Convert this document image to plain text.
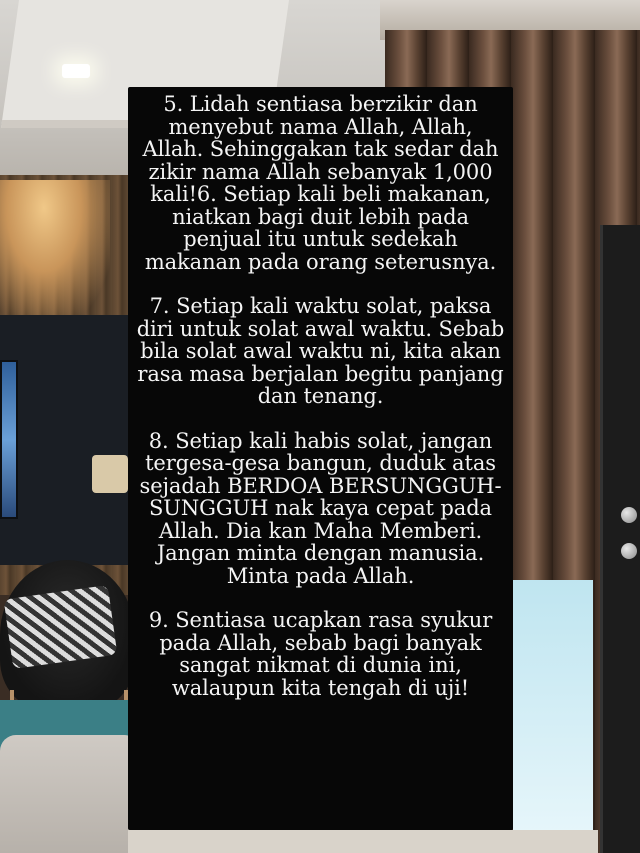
5. Lidah sentiasa berzikir dan menyebut nama Allah, Allah, Allah. Sehinggakan tak sedar dah zikir nama Allah sebanyak 1,000 kali!6. Setiap kali beli makanan, niatkan bagi duit lebih pada penjual itu untuk sedekah makanan pada orang seterusnya.

7. Setiap kali waktu solat, paksa diri untuk solat awal waktu. Sebab bila solat awal waktu ni, kita akan rasa masa berjalan begitu panjang dan tenang.

8. Setiap kali habis solat, jangan tergesa-gesa bangun, duduk atas sejadah BERDOA BERSUNGGUH-SUNGGUH nak kaya cepat pada Allah. Dia kan Maha Memberi. Jangan minta dengan manusia. Minta pada Allah.

9. Sentiasa ucapkan rasa syukur pada Allah, sebab bagi banyak sangat nikmat di dunia ini, walaupun kita tengah di uji!
